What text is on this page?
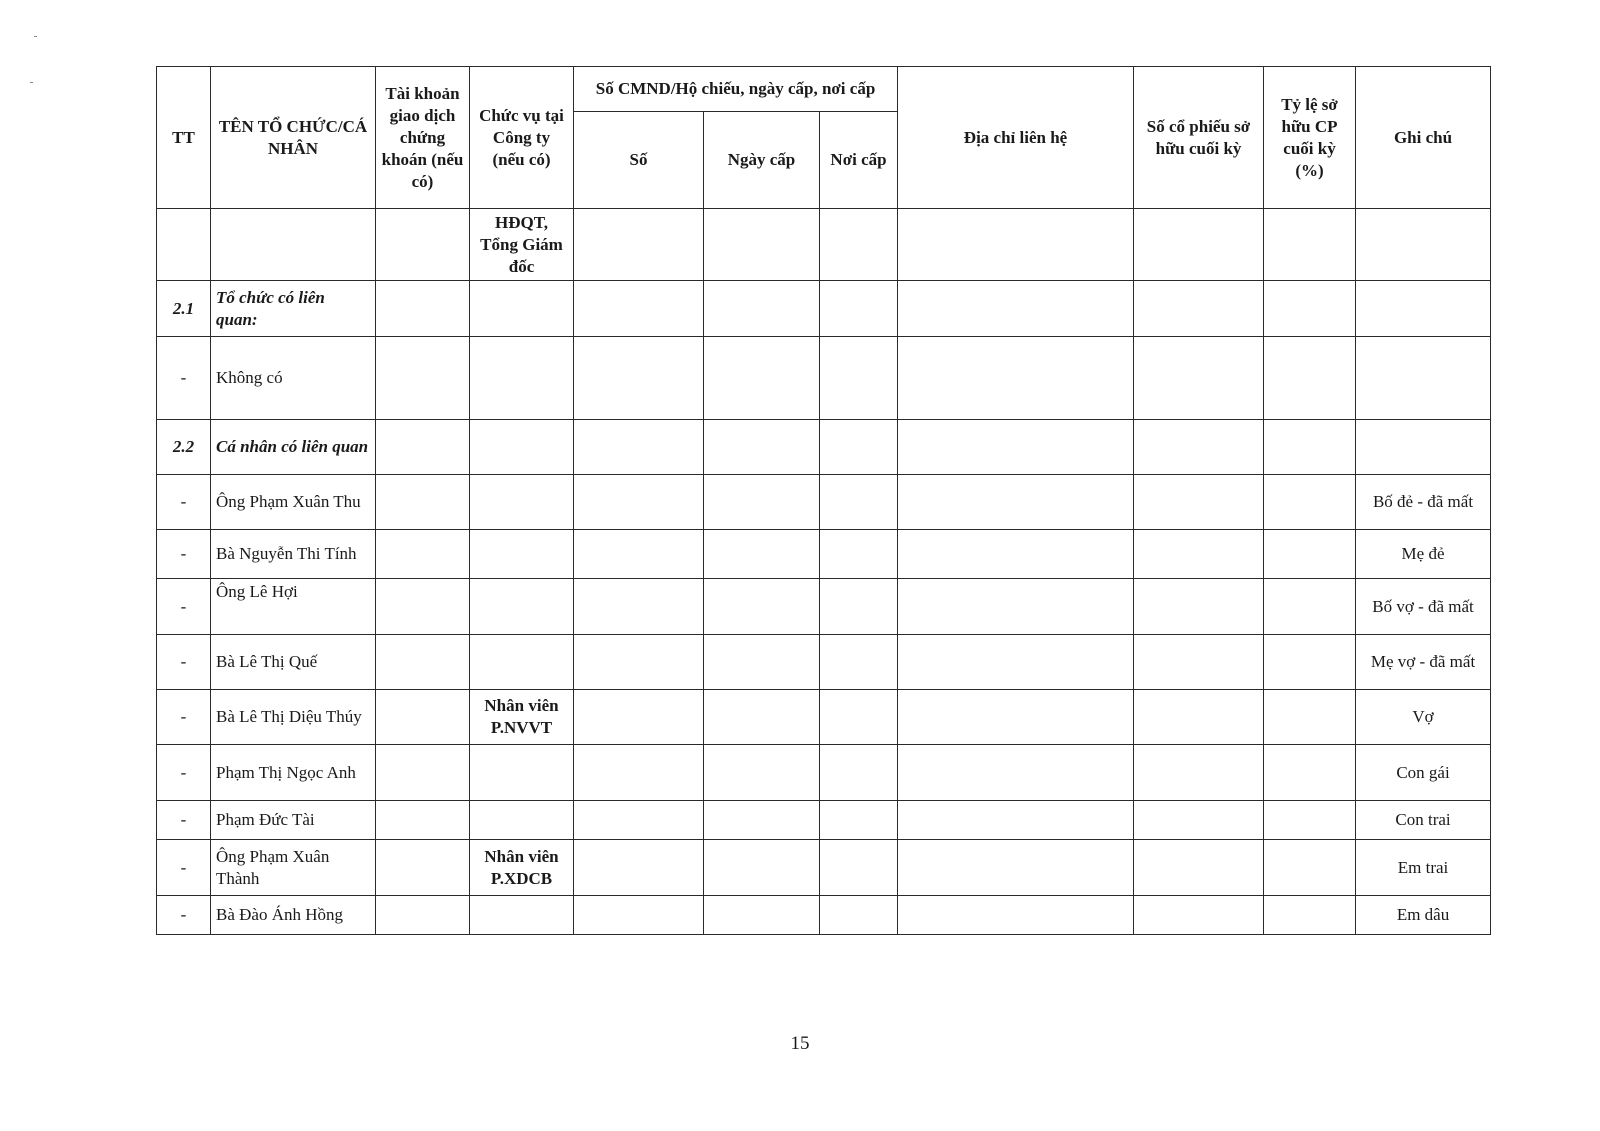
TT	TÊN TỔ CHỨC/CÁ NHÂN	Tài khoản giao dịch chứng khoán (nếu có)	Chức vụ tại Công ty (nếu có)	Số CMND/Hộ chiếu, ngày cấp, nơi cấp			Địa chỉ liên hệ	Số cổ phiếu sở hữu cuối kỳ	Tỷ lệ sở hữu CP cuối kỳ (%)	Ghi chú
				Số	Ngày cấp	Nơi cấp				
			HĐQT, Tổng Giám đốc							
2.1	Tổ chức có liên quan:									
-	Không có									
2.2	Cá nhân có liên quan									
-	Ông Phạm Xuân Thu									Bố đẻ - đã mất
-	Bà Nguyễn Thi Tính									Mẹ đẻ
-	Ông Lê Hợi									Bố vợ - đã mất
-	Bà Lê Thị Quế									Mẹ vợ - đã mất
-	Bà Lê Thị Diệu Thúy		Nhân viên P.NVVT							Vợ
-	Phạm Thị Ngọc Anh									Con gái
-	Phạm Đức Tài									Con trai
-	Ông Phạm Xuân Thành		Nhân viên P.XDCB							Em trai
-	Bà Đào Ánh Hồng									Em dâu
15
